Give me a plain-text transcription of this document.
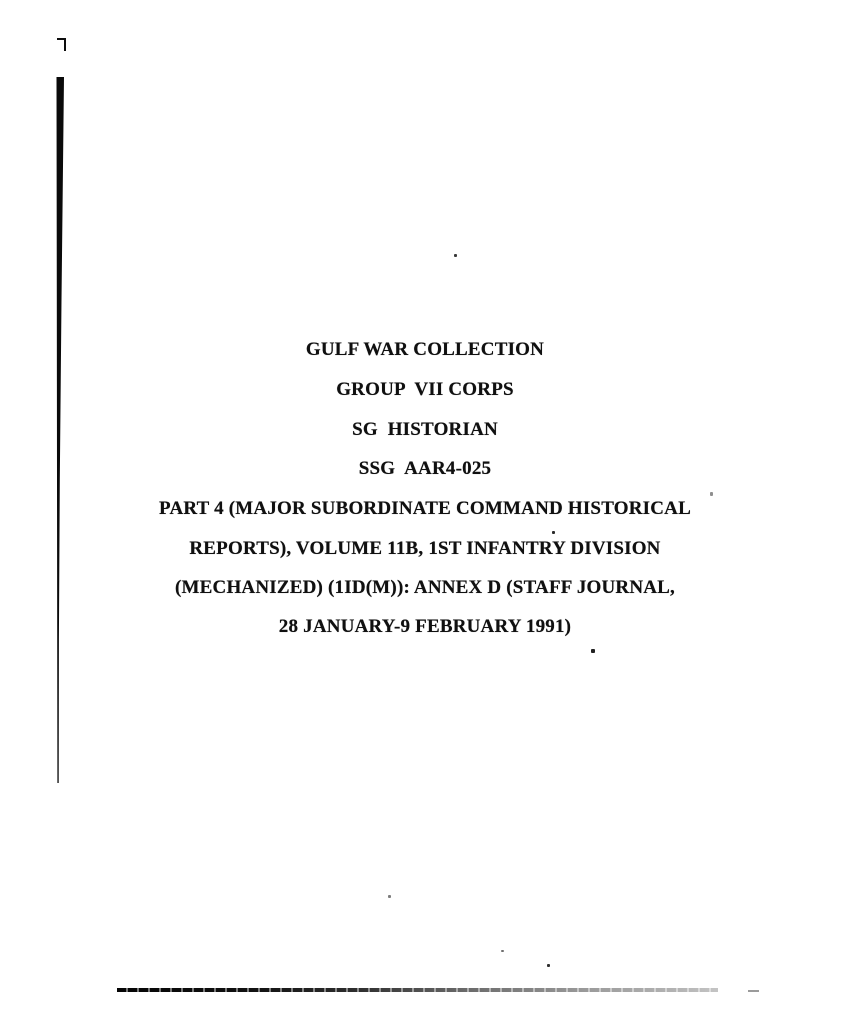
GULF WAR COLLECTION
GROUP  VII CORPS
SG  HISTORIAN
SSG  AAR4-025
PART 4 (MAJOR SUBORDINATE COMMAND HISTORICAL
REPORTS), VOLUME 11B, 1ST INFANTRY DIVISION
(MECHANIZED) (1ID(M)): ANNEX D (STAFF JOURNAL,
28 JANUARY-9 FEBRUARY 1991)
